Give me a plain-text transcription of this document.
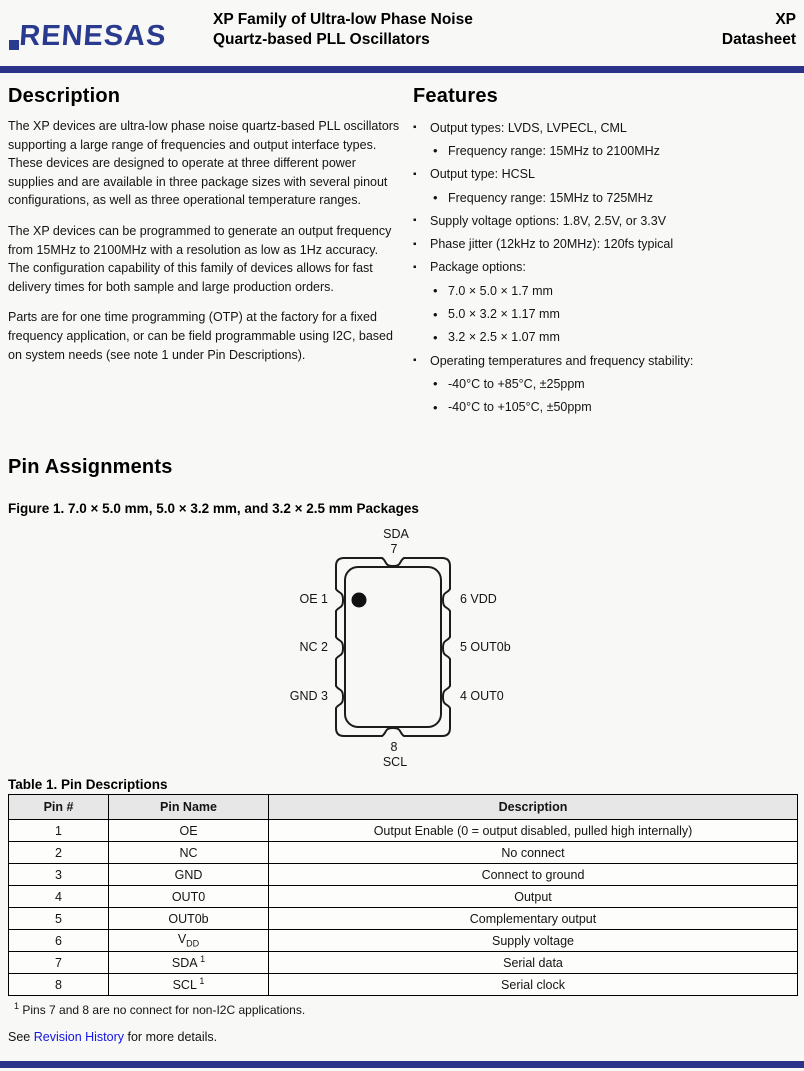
RENESAS
XP Family of Ultra-low Phase Noise
Quartz-based PLL Oscillators
XP
Datasheet
Description

The XP devices are ultra-low phase noise quartz-based PLL oscillators supporting a large range of frequencies and output interface types. These devices are designed to operate at three different power supplies and are available in three package sizes with several pinout configurations, as well as three operational temperature ranges.

The XP devices can be programmed to generate an output frequency from 15MHz to 2100MHz with a resolution as low as 1Hz accuracy. The configuration capability of this family of devices allows for fast delivery times for both sample and large production orders.

Parts are for one time programming (OTP) at the factory for a fixed frequency application, or can be field programmable using I2C, based on system needs (see note 1 under Pin Descriptions).

Features
▪	Output types: LVDS, LVPECL, CML
• Frequency range: 15MHz to 2100MHz
▪	Output type: HCSL
• Frequency range: 15MHz to 725MHz
▪	Supply voltage options: 1.8V, 2.5V, or 3.3V
▪	Phase jitter (12kHz to 20MHz): 120fs typical
▪	Package options:
• 7.0 × 5.0 × 1.7 mm
• 5.0 × 3.2 × 1.17 mm
• 3.2 × 2.5 × 1.07 mm
▪	Operating temperatures and frequency stability:
• -40°C to +85°C, ±25ppm
• -40°C to +105°C, ±50ppm
Pin Assignments
Figure 1. 7.0 × 5.0 mm, 5.0 × 3.2 mm, and 3.2 × 2.5 mm Packages
SDA
7
OE 1
NC 2
GND 3
6 VDD
5 OUT0b
4 OUT0
8
SCL
Table 1. Pin Descriptions
Pin #	Pin Name	Description
1	OE	Output Enable (0 = output disabled, pulled high internally)
2	NC	No connect
3	GND	Connect to ground
4	OUT0	Output
5	OUT0b	Complementary output
6	$V_{DD}$	Supply voltage
7	SDA $^1$	Serial data
8	SCL $^1$	Serial clock
$^1$ Pins 7 and 8 are no connect for non-I2C applications.
See Revision History for more details.
